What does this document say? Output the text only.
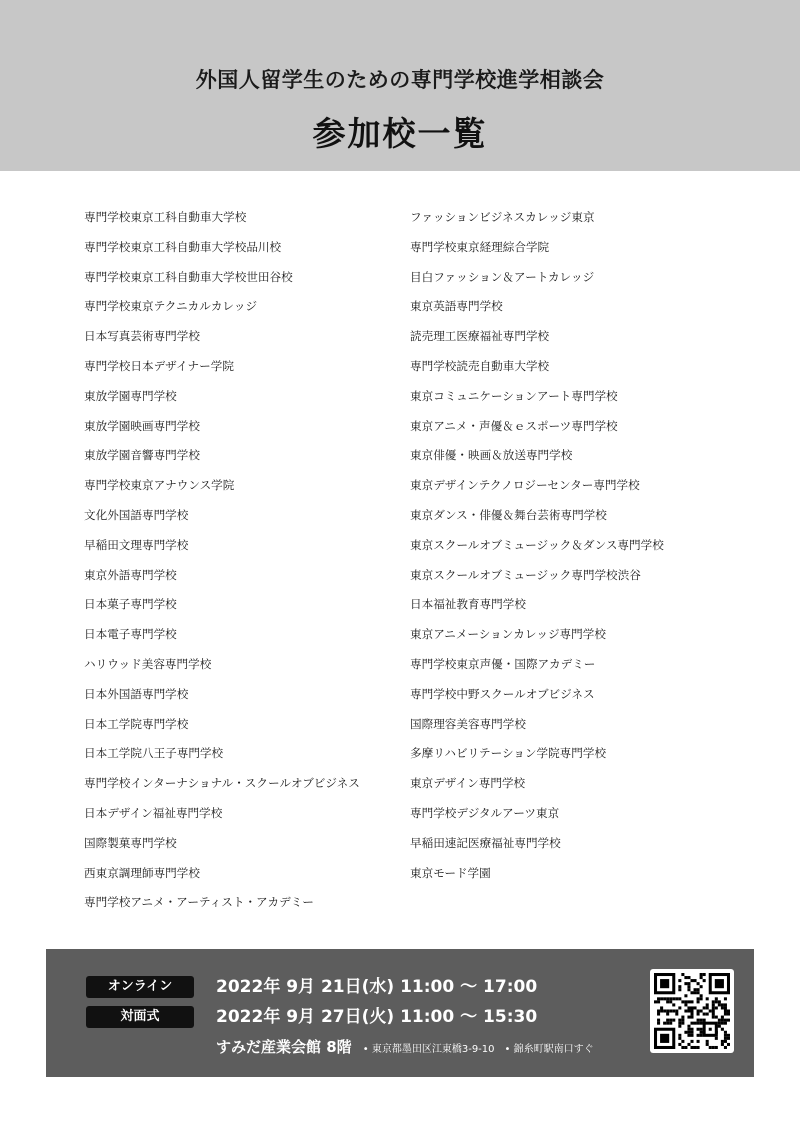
外国人留学生のための専門学校進学相談会
参加校一覧
専門学校東京工科自動車大学校
専門学校東京工科自動車大学校品川校
専門学校東京工科自動車大学校世田谷校
専門学校東京テクニカルカレッジ
日本写真芸術専門学校
専門学校日本デザイナー学院
東放学園専門学校
東放学園映画専門学校
東放学園音響専門学校
専門学校東京アナウンス学院
文化外国語専門学校
早稲田文理専門学校
東京外語専門学校
日本菓子専門学校
日本電子専門学校
ハリウッド美容専門学校
日本外国語専門学校
日本工学院専門学校
日本工学院八王子専門学校
専門学校インターナショナル・スクールオブビジネス
日本デザイン福祉専門学校
国際製菓専門学校
西東京調理師専門学校
専門学校アニメ・アーティスト・アカデミー
ファッションビジネスカレッジ東京
専門学校東京経理綜合学院
目白ファッション＆アートカレッジ
東京英語専門学校
読売理工医療福祉専門学校
専門学校読売自動車大学校
東京コミュニケーションアート専門学校
東京アニメ・声優＆ｅスポーツ専門学校
東京俳優・映画＆放送専門学校
東京デザインテクノロジーセンター専門学校
東京ダンス・俳優＆舞台芸術専門学校
東京スクールオブミュージック＆ダンス専門学校
東京スクールオブミュージック専門学校渋谷
日本福祉教育専門学校
東京アニメーションカレッジ専門学校
専門学校東京声優・国際アカデミー
専門学校中野スクールオブビジネス
国際理容美容専門学校
多摩リハビリテーション学院専門学校
東京デザイン専門学校
専門学校デジタルアーツ東京
早稲田速記医療福祉専門学校
東京モード学園
オンライン	2022年 9月 21日(水) 11:00 〜 17:00
対面式	2022年 9月 27日(火) 11:00 〜 15:30
すみだ産業会館 8階 • 東京都墨田区江東橋3-9-10　• 錦糸町駅南口すぐ
